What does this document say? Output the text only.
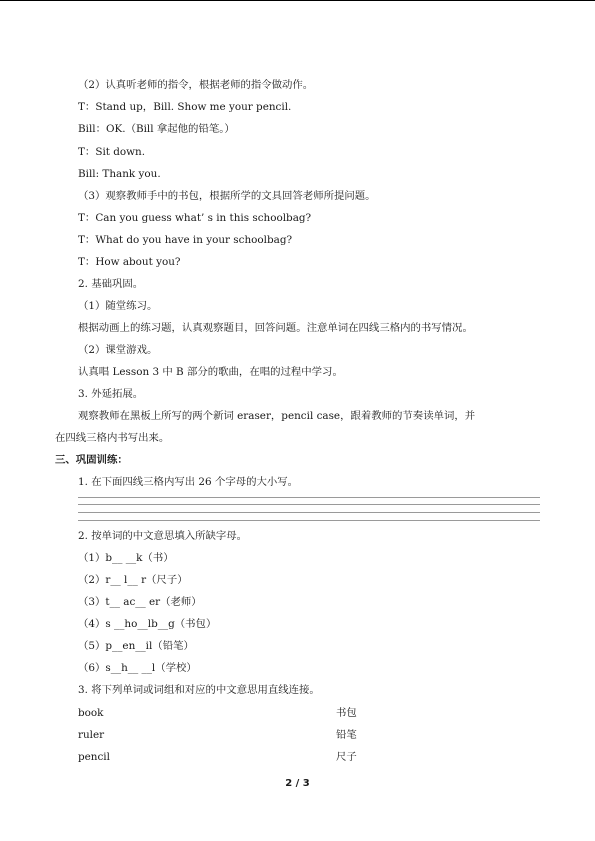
（2）认真听老师的指令，根据老师的指令做动作。
T：Stand up，Bill. Show me your pencil.
Bill：OK.（Bill 拿起他的铅笔。）
T：Sit down.
Bill: Thank you.
（3）观察教师手中的书包，根据所学的文具回答老师所提问题。
T：Can you guess what’ s in this schoolbag?
T：What do you have in your schoolbag?
T：How about you?
2. 基础巩固。
（1）随堂练习。
根据动画上的练习题，认真观察题目，回答问题。注意单词在四线三格内的书写情况。
（2）课堂游戏。
认真唱 Lesson 3 中 B 部分的歌曲，在唱的过程中学习。
3. 外延拓展。
观察教师在黑板上所写的两个新词 eraser，pencil case，跟着教师的节奏读单词，并
在四线三格内书写出来。
三、巩固训练：
1. 在下面四线三格内写出 26 个字母的大小写。
2. 按单词的中文意思填入所缺字母。
（1）b__ __k（书）
（2）r__ l__ r（尺子）
（3）t__ ac__ er（老师）
（4）s __ho__lb__g（书包）
（5）p__en__il（铅笔）
（6）s__h__ __l（学校）
3. 将下列单词或词组和对应的中文意思用直线连接。
book	书包
ruler	铅笔
pencil	尺子
2 / 3
